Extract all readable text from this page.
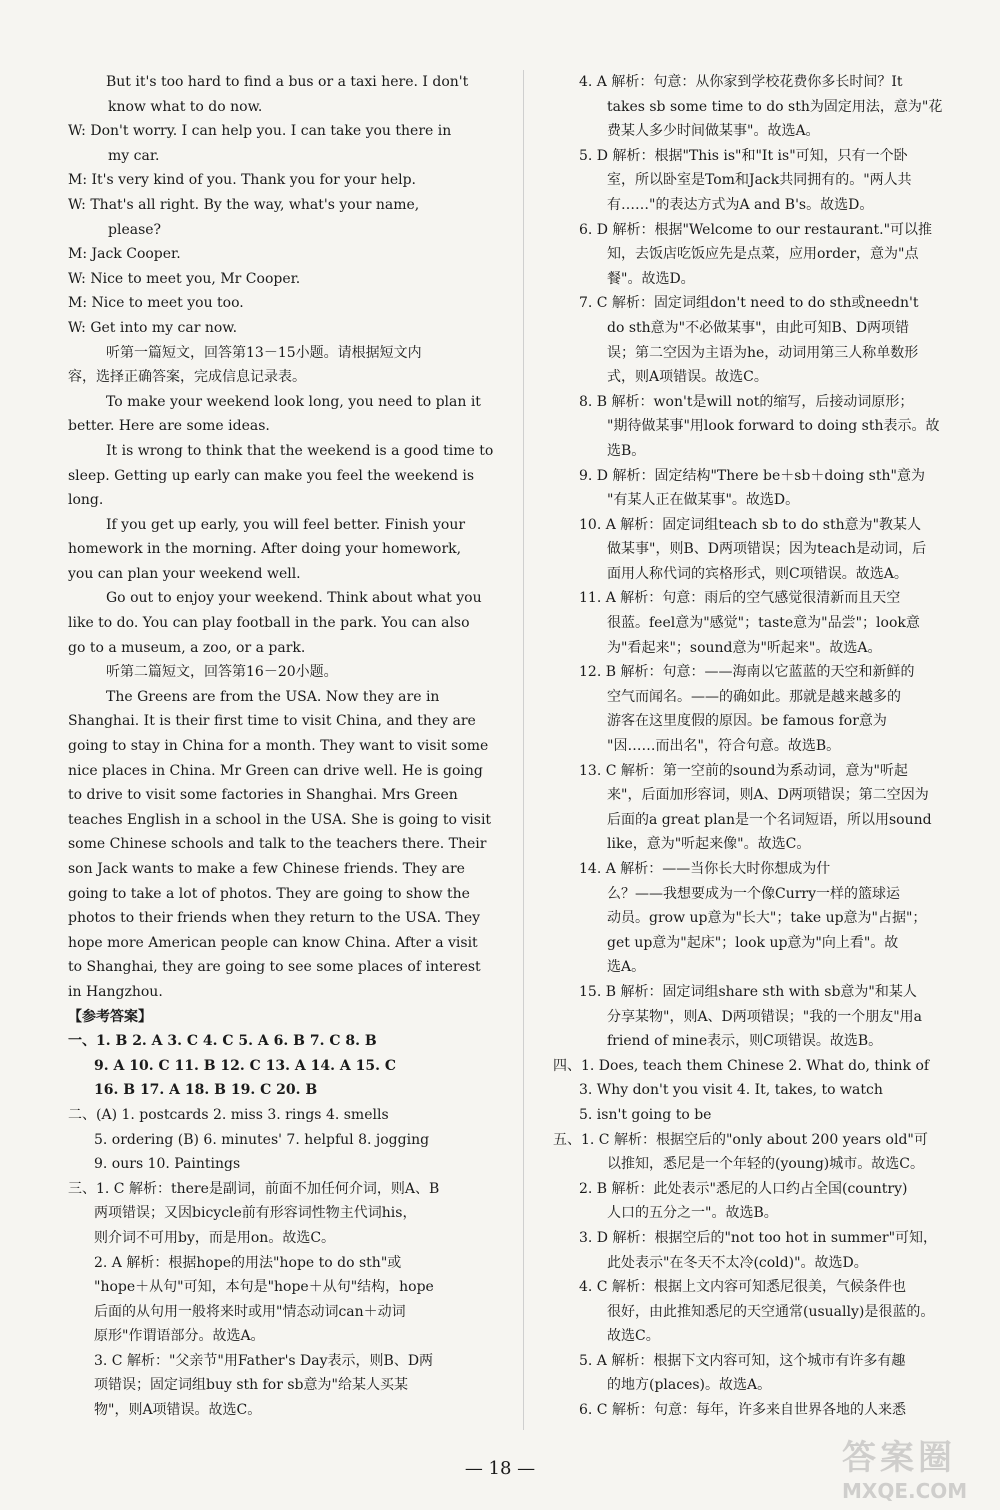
But it's too hard to find a bus or a taxi here. I don't
know what to do now.
W: Don't worry. I can help you. I can take you there in
my car.
M: It's very kind of you. Thank you for your help.
W: That's all right. By the way, what's your name,
please?
M: Jack Cooper.
W: Nice to meet you, Mr Cooper.
M: Nice to meet you too.
W: Get into my car now.
听第一篇短文，回答第13－15小题。请根据短文内
容，选择正确答案，完成信息记录表。
To make your weekend look long, you need to plan it
better. Here are some ideas.
It is wrong to think that the weekend is a good time to
sleep. Getting up early can make you feel the weekend is
long.
If you get up early, you will feel better. Finish your
homework in the morning. After doing your homework,
you can plan your weekend well.
Go out to enjoy your weekend. Think about what you
like to do. You can play football in the park. You can also
go to a museum, a zoo, or a park.
听第二篇短文，回答第16－20小题。
The Greens are from the USA. Now they are in
Shanghai. It is their first time to visit China, and they are
going to stay in China for a month. They want to visit some
nice places in China. Mr Green can drive well. He is going
to drive to visit some factories in Shanghai. Mrs Green
teaches English in a school in the USA. She is going to visit
some Chinese schools and talk to the teachers there. Their
son Jack wants to make a few Chinese friends. They are
going to take a lot of photos. They are going to show the
photos to their friends when they return to the USA. They
hope more American people can know China. After a visit
to Shanghai, they are going to see some places of interest
in Hangzhou.
【参考答案】
一、1. B 2. A 3. C 4. C 5. A 6. B 7. C 8. B
9. A 10. C 11. B 12. C 13. A 14. A 15. C
16. B 17. A 18. B 19. C 20. B
二、(A) 1. postcards 2. miss 3. rings 4. smells
5. ordering (B) 6. minutes' 7. helpful 8. jogging
9. ours 10. Paintings
三、1. C 解析：there是副词，前面不加任何介词，则A、B
两项错误；又因bicycle前有形容词性物主代词his，
则介词不可用by，而是用on。故选C。
2. A 解析：根据hope的用法"hope to do sth"或
"hope＋从句"可知，本句是"hope＋从句"结构，hope
后面的从句用一般将来时或用"情态动词can＋动词
原形"作谓语部分。故选A。
3. C 解析："父亲节"用Father's Day表示，则B、D两
项错误；固定词组buy sth for sb意为"给某人买某
物"，则A项错误。故选C。
4. A 解析：句意：从你家到学校花费你多长时间？It
takes sb some time to do sth为固定用法，意为"花
费某人多少时间做某事"。故选A。
5. D 解析：根据"This is"和"It is"可知，只有一个卧
室，所以卧室是Tom和Jack共同拥有的。"两人共
有……"的表达方式为A and B's。故选D。
6. D 解析：根据"Welcome to our restaurant."可以推
知，去饭店吃饭应先是点菜，应用order，意为"点
餐"。故选D。
7. C 解析：固定词组don't need to do sth或needn't
do sth意为"不必做某事"，由此可知B、D两项错
误；第二空因为主语为he，动词用第三人称单数形
式，则A项错误。故选C。
8. B 解析：won't是will not的缩写，后接动词原形；
"期待做某事"用look forward to doing sth表示。故
选B。
9. D 解析：固定结构"There be＋sb＋doing sth"意为
"有某人正在做某事"。故选D。
10. A 解析：固定词组teach sb to do sth意为"教某人
做某事"，则B、D两项错误；因为teach是动词，后
面用人称代词的宾格形式，则C项错误。故选A。
11. A 解析：句意：雨后的空气感觉很清新而且天空
很蓝。feel意为"感觉"；taste意为"品尝"；look意
为"看起来"；sound意为"听起来"。故选A。
12. B 解析：句意：——海南以它蓝蓝的天空和新鲜的
空气而闻名。——的确如此。那就是越来越多的
游客在这里度假的原因。be famous for意为
"因……而出名"，符合句意。故选B。
13. C 解析：第一空前的sound为系动词，意为"听起
来"，后面加形容词，则A、D两项错误；第二空因为
后面的a great plan是一个名词短语，所以用sound
like，意为"听起来像"。故选C。
14. A 解析：——当你长大时你想成为什
么？——我想要成为一个像Curry一样的篮球运
动员。grow up意为"长大"；take up意为"占据"；
get up意为"起床"；look up意为"向上看"。故
选A。
15. B 解析：固定词组share sth with sb意为"和某人
分享某物"，则A、D两项错误；"我的一个朋友"用a
friend of mine表示，则C项错误。故选B。
四、1. Does, teach them Chinese 2. What do, think of
3. Why don't you visit 4. It, takes, to watch
5. isn't going to be
五、1. C 解析：根据空后的"only about 200 years old"可
以推知，悉尼是一个年轻的(young)城市。故选C。
2. B 解析：此处表示"悉尼的人口约占全国(country)
人口的五分之一"。故选B。
3. D 解析：根据空后的"not too hot in summer"可知，
此处表示"在冬天不太冷(cold)"。故选D。
4. C 解析：根据上文内容可知悉尼很美，气候条件也
很好，由此推知悉尼的天空通常(usually)是很蓝的。
故选C。
5. A 解析：根据下文内容可知，这个城市有许多有趣
的地方(places)。故选A。
6. C 解析：句意：每年，许多来自世界各地的人来悉
— 18 —	答案圈
MXQE.COM
